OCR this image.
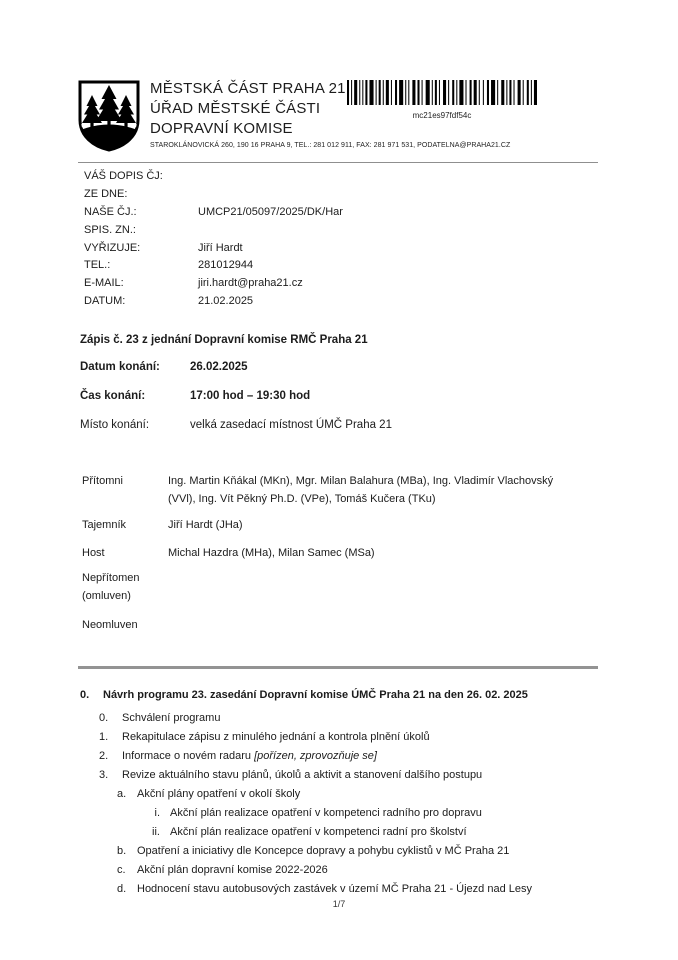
MĚSTSKÁ ČÁST PRAHA 21
ÚŘAD MĚSTSKÉ ČÁSTI
DOPRAVNÍ KOMISE
STAROKLÁNOVICKÁ 260, 190 16 PRAHA 9, TEL.: 281 012 911, FAX: 281 971 531, PODATELNA@PRAHA21.CZ
mc21es97fdf54c
VÁŠ DOPIS ČJ:
ZE DNE:
NAŠE ČJ.:	UMCP21/05097/2025/DK/Har
SPIS. ZN.:
VYŘIZUJE:	Jiří Hardt
TEL.:	281012944
E-MAIL:	jiri.hardt@praha21.cz
DATUM:	21.02.2025
Zápis č. 23 z jednání Dopravní komise RMČ Praha 21
Datum konání:	26.02.2025
Čas konání:	17:00 hod – 19:30 hod
Místo konání:	velká zasedací místnost ÚMČ Praha 21
Přítomni	Ing. Martin Kňákal (MKn), Mgr. Milan Balahura (MBa), Ing. Vladimír Vlachovský (VVl), Ing. Vít Pěkný Ph.D. (VPe), Tomáš Kučera (TKu)
Tajemník	Jiří Hardt (JHa)
Host	Michal Hazdra (MHa), Milan Samec (MSa)
Nepřítomen
(omluven)
Neomluven
0.	Návrh programu 23. zasedání Dopravní komise ÚMČ Praha 21 na den 26. 02. 2025
0.	Schválení programu
1.	Rekapitulace zápisu z minulého jednání a kontrola plnění úkolů
2.	Informace o novém radaru [pořízen, zprovozňuje se]
3.	Revize aktuálního stavu plánů, úkolů a aktivit a stanovení dalšího postupu
a. Akční plány opatření v okolí školy
i. Akční plán realizace opatření v kompetenci radního pro dopravu
ii. Akční plán realizace opatření v kompetenci radní pro školství
b. Opatření a iniciativy dle Koncepce dopravy a pohybu cyklistů v MČ Praha 21
c.	Akční plán dopravní komise 2022-2026
d. Hodnocení stavu autobusových zastávek v území MČ Praha 21 - Újezd nad Lesy
1/7
